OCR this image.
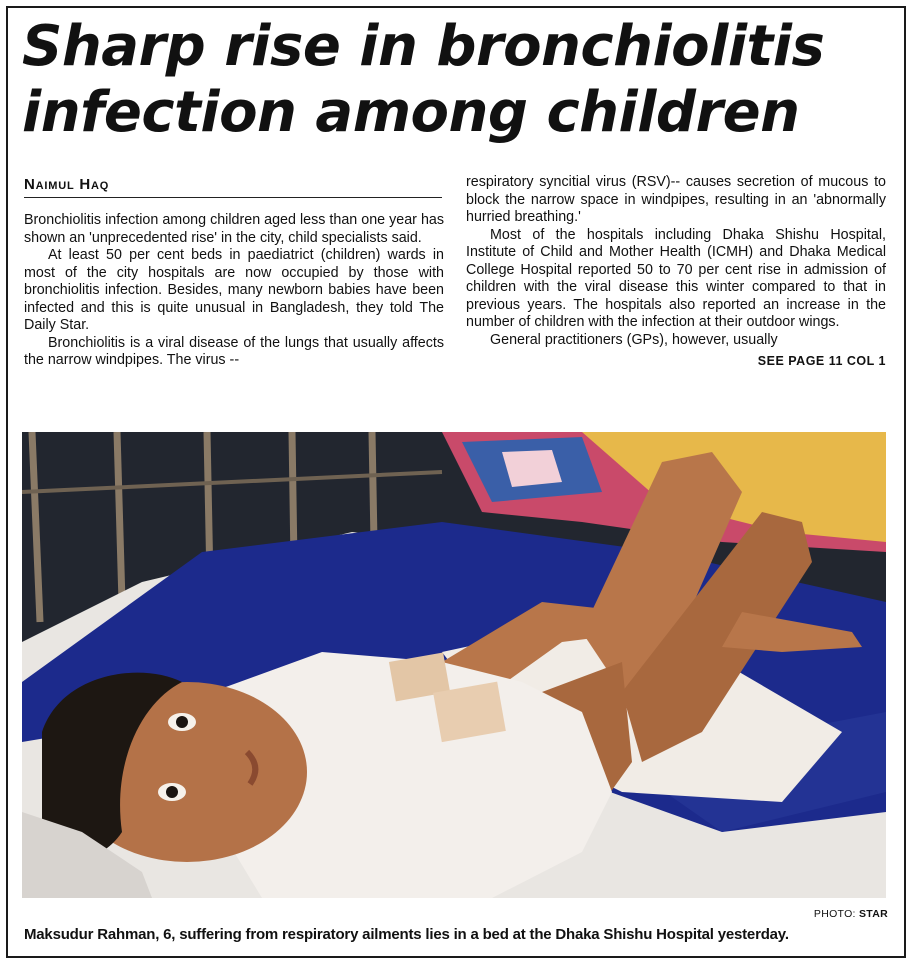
Sharp rise in bronchiolitis
infection among children
Naimul Haq

Bronchiolitis infection among children aged less than one year has shown an 'unprecedented rise' in the city, child specialists said.

At least 50 per cent beds in paediatrict (children) wards in most of the city hospitals are now occupied by those with bronchiolitis infection. Besides, many newborn babies have been infected and this is quite unusual in Bangladesh, they told The Daily Star.

Bronchiolitis is a viral disease of the lungs that usually affects the narrow windpipes. The virus --

respiratory syncitial virus (RSV)-- causes secretion of mucous to block the narrow space in windpipes, resulting in an 'abnormally hurried breathing.'

Most of the hospitals including Dhaka Shishu Hospital, Institute of Child and Mother Health (ICMH) and Dhaka Medical College Hospital reported 50 to 70 per cent rise in admission of children with the viral disease this winter compared to that in previous years. The hospitals also reported an increase in the number of children with the infection at their outdoor wings.

General practitioners (GPs), however, usually

SEE PAGE 11 COL 1
PHOTO: STAR
Maksudur Rahman, 6, suffering from respiratory ailments lies in a bed at the Dhaka Shishu Hospital yesterday.
